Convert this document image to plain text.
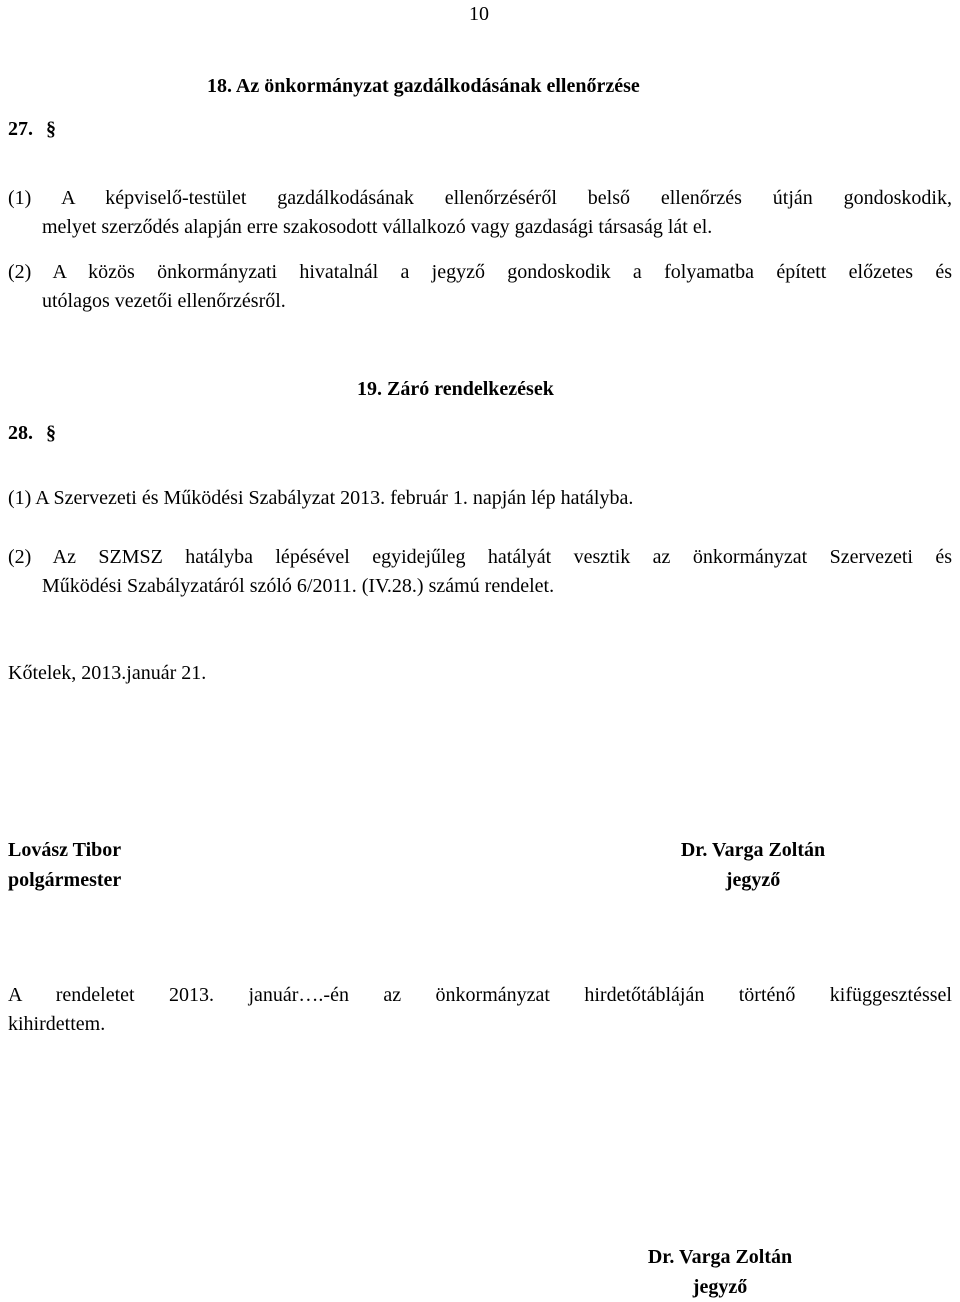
10
27. §
18. Az önkormányzat gazdálkodásának ellenőrzése
(1) A képviselő-testület gazdálkodásának ellenőrzéséről belső ellenőrzés útján gondoskodik,
melyet szerződés alapján erre szakosodott vállalkozó vagy gazdasági társaság lát el.
(2) A közös önkormányzati hivatalnál a jegyző gondoskodik a folyamatba épített előzetes és
utólagos vezetői ellenőrzésről.
19. Záró rendelkezések
28. §
(1) A Szervezeti és Működési Szabályzat 2013. február 1. napján lép hatályba.
(2) Az SZMSZ hatályba lépésével egyidejűleg hatályát vesztik az önkormányzat Szervezeti és
Működési Szabályzatáról szóló 6/2011. (IV.28.) számú rendelet.
Kőtelek, 2013.január 21.
Lovász Tibor
polgármester
Dr. Varga Zoltán
jegyző
A rendeletet 2013. január….-én az önkormányzat hirdetőtábláján történő kifüggesztéssel
kihirdettem.
Dr. Varga Zoltán
jegyző
